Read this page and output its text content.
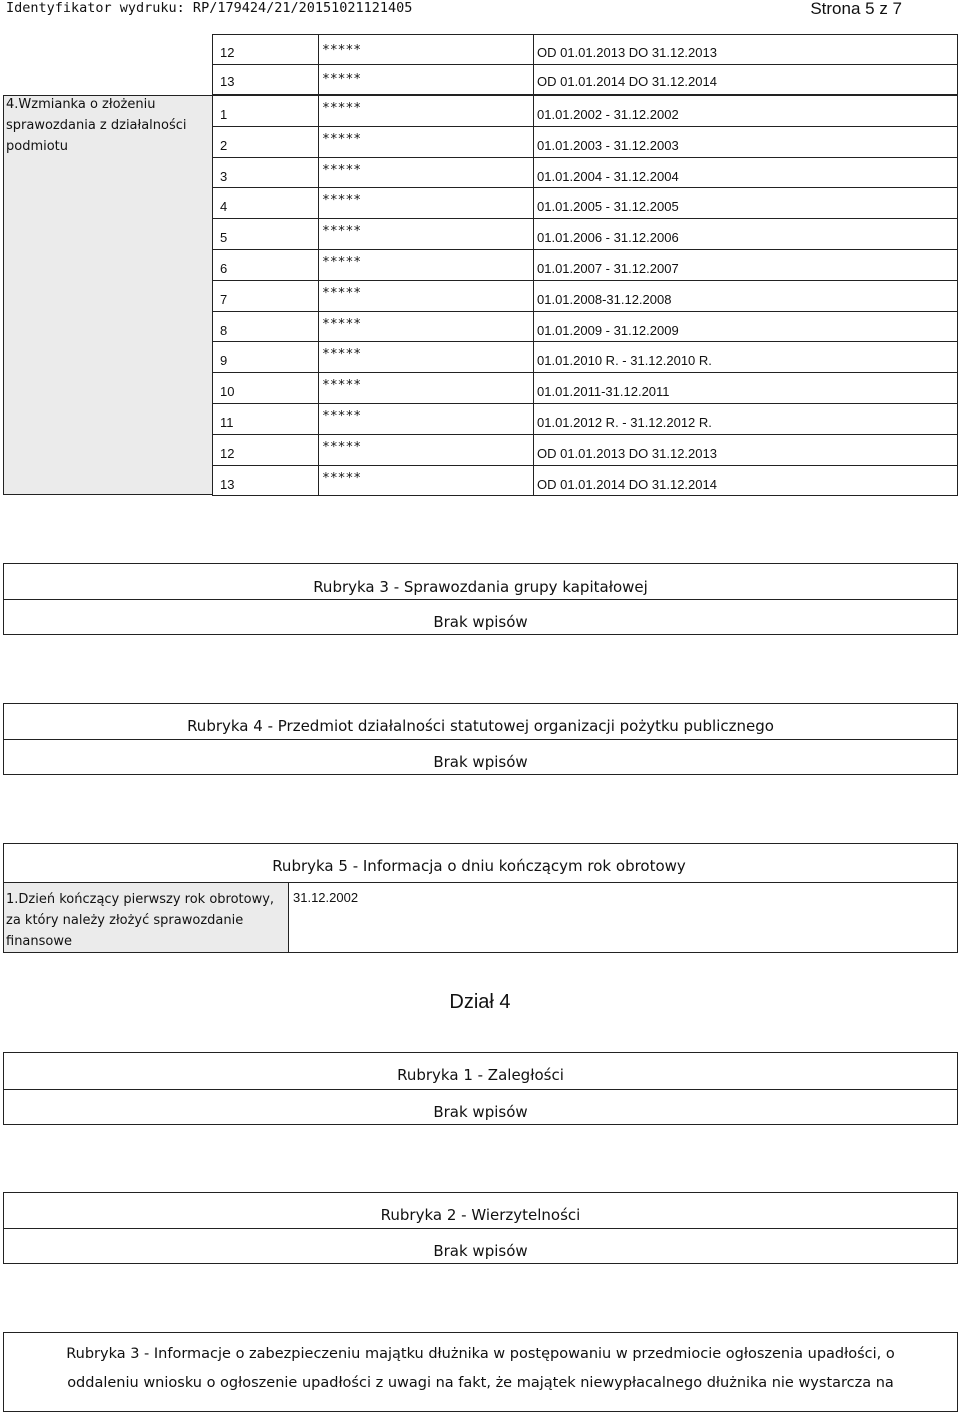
Identyfikator wydruku: RP/179424/21/20151021121405	Strona 5 z 7
12	*****	OD 01.01.2013 DO 31.12.2013
13	*****	OD 01.01.2014 DO 31.12.2014
4.Wzmianka o złożeniu
sprawozdania z działalności
podmiotu
1	*****	01.01.2002 - 31.12.2002
2	*****	01.01.2003 - 31.12.2003
3	*****	01.01.2004 - 31.12.2004
4	*****	01.01.2005 - 31.12.2005
5	*****	01.01.2006 - 31.12.2006
6	*****	01.01.2007 - 31.12.2007
7	*****	01.01.2008-31.12.2008
8	*****	01.01.2009 - 31.12.2009
9	*****	01.01.2010 R. - 31.12.2010 R.
10	*****	01.01.2011-31.12.2011
11	*****	01.01.2012 R. - 31.12.2012 R.
12	*****	OD 01.01.2013 DO 31.12.2013
13	*****	OD 01.01.2014 DO 31.12.2014
Rubryka 3 - Sprawozdania grupy kapitałowej
Brak wpisów
Rubryka 4 - Przedmiot działalności statutowej organizacji pożytku publicznego
Brak wpisów
Rubryka 5 - Informacja o dniu kończącym rok obrotowy
1.Dzień kończący pierwszy rok obrotowy,
za który należy złożyć sprawozdanie
finansowe
31.12.2002
Dział 4
Rubryka 1 - Zaległości
Brak wpisów
Rubryka 2 - Wierzytelności
Brak wpisów
Rubryka 3 - Informacje o zabezpieczeniu majątku dłużnika w postępowaniu w przedmiocie ogłoszenia upadłości, o
oddaleniu wniosku o ogłoszenie upadłości z uwagi na fakt, że majątek niewypłacalnego dłużnika nie wystarcza na
